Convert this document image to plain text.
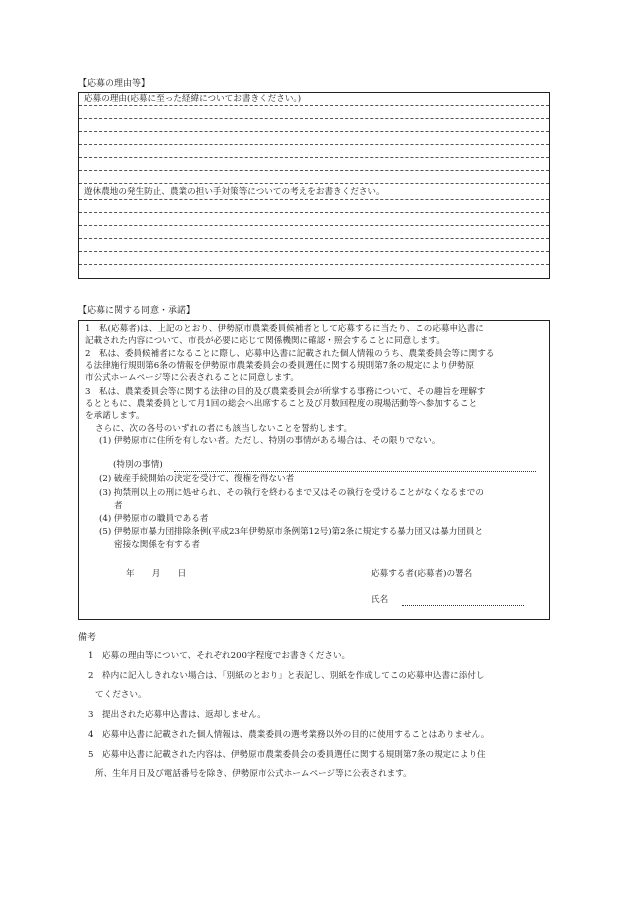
【応募の理由等】
応募の理由(応募に至った経緯についてお書きください。)
遊休農地の発生防止、農業の担い手対策等についての考えをお書きください。
【応募に関する同意・承諾】
1　私(応募者)は、上記のとおり、伊勢原市農業委員候補者として応募するに当たり、この応募申込書に
記載された内容について、市長が必要に応じて関係機関に確認・照会することに同意します。
2　私は、委員候補者になることに際し、応募申込書に記載された個人情報のうち、農業委員会等に関する
る法律施行規則第6条の情報を伊勢原市農業委員会の委員選任に関する規則第7条の規定により伊勢原
市公式ホームページ等に公表されることに同意します。
3　私は、農業委員会等に関する法律の目的及び農業委員会が所掌する事務について、その趣旨を理解す
るとともに、農業委員として月1回の総会へ出席すること及び月数回程度の現場活動等へ参加すること
を承諾します。
さらに、次の各号のいずれの者にも該当しないことを誓約します。
(1) 伊勢原市に住所を有しない者。ただし、特別の事情がある場合は、その限りでない。
(特別の事情)
(2) 破産手続開始の決定を受けて、復権を得ない者
(3) 拘禁刑以上の刑に処せられ、その執行を終わるまで又はその執行を受けることがなくなるまでの
者
(4) 伊勢原市の職員である者
(5) 伊勢原市暴力団排除条例(平成23年伊勢原市条例第12号)第2条に規定する暴力団又は暴力団員と
密接な関係を有する者
年　　月　　日	応募する者(応募者)の署名
氏名
備考
1　応募の理由等について、それぞれ200字程度でお書きください。
2　枠内に記入しきれない場合は、「別紙のとおり」と表記し、別紙を作成してこの応募申込書に添付し
てください。
3　提出された応募申込書は、返却しません。
4　応募申込書に記載された個人情報は、農業委員の選考業務以外の目的に使用することはありません。
5　応募申込書に記載された内容は、伊勢原市農業委員会の委員選任に関する規則第7条の規定により住
所、生年月日及び電話番号を除き、伊勢原市公式ホームページ等に公表されます。
